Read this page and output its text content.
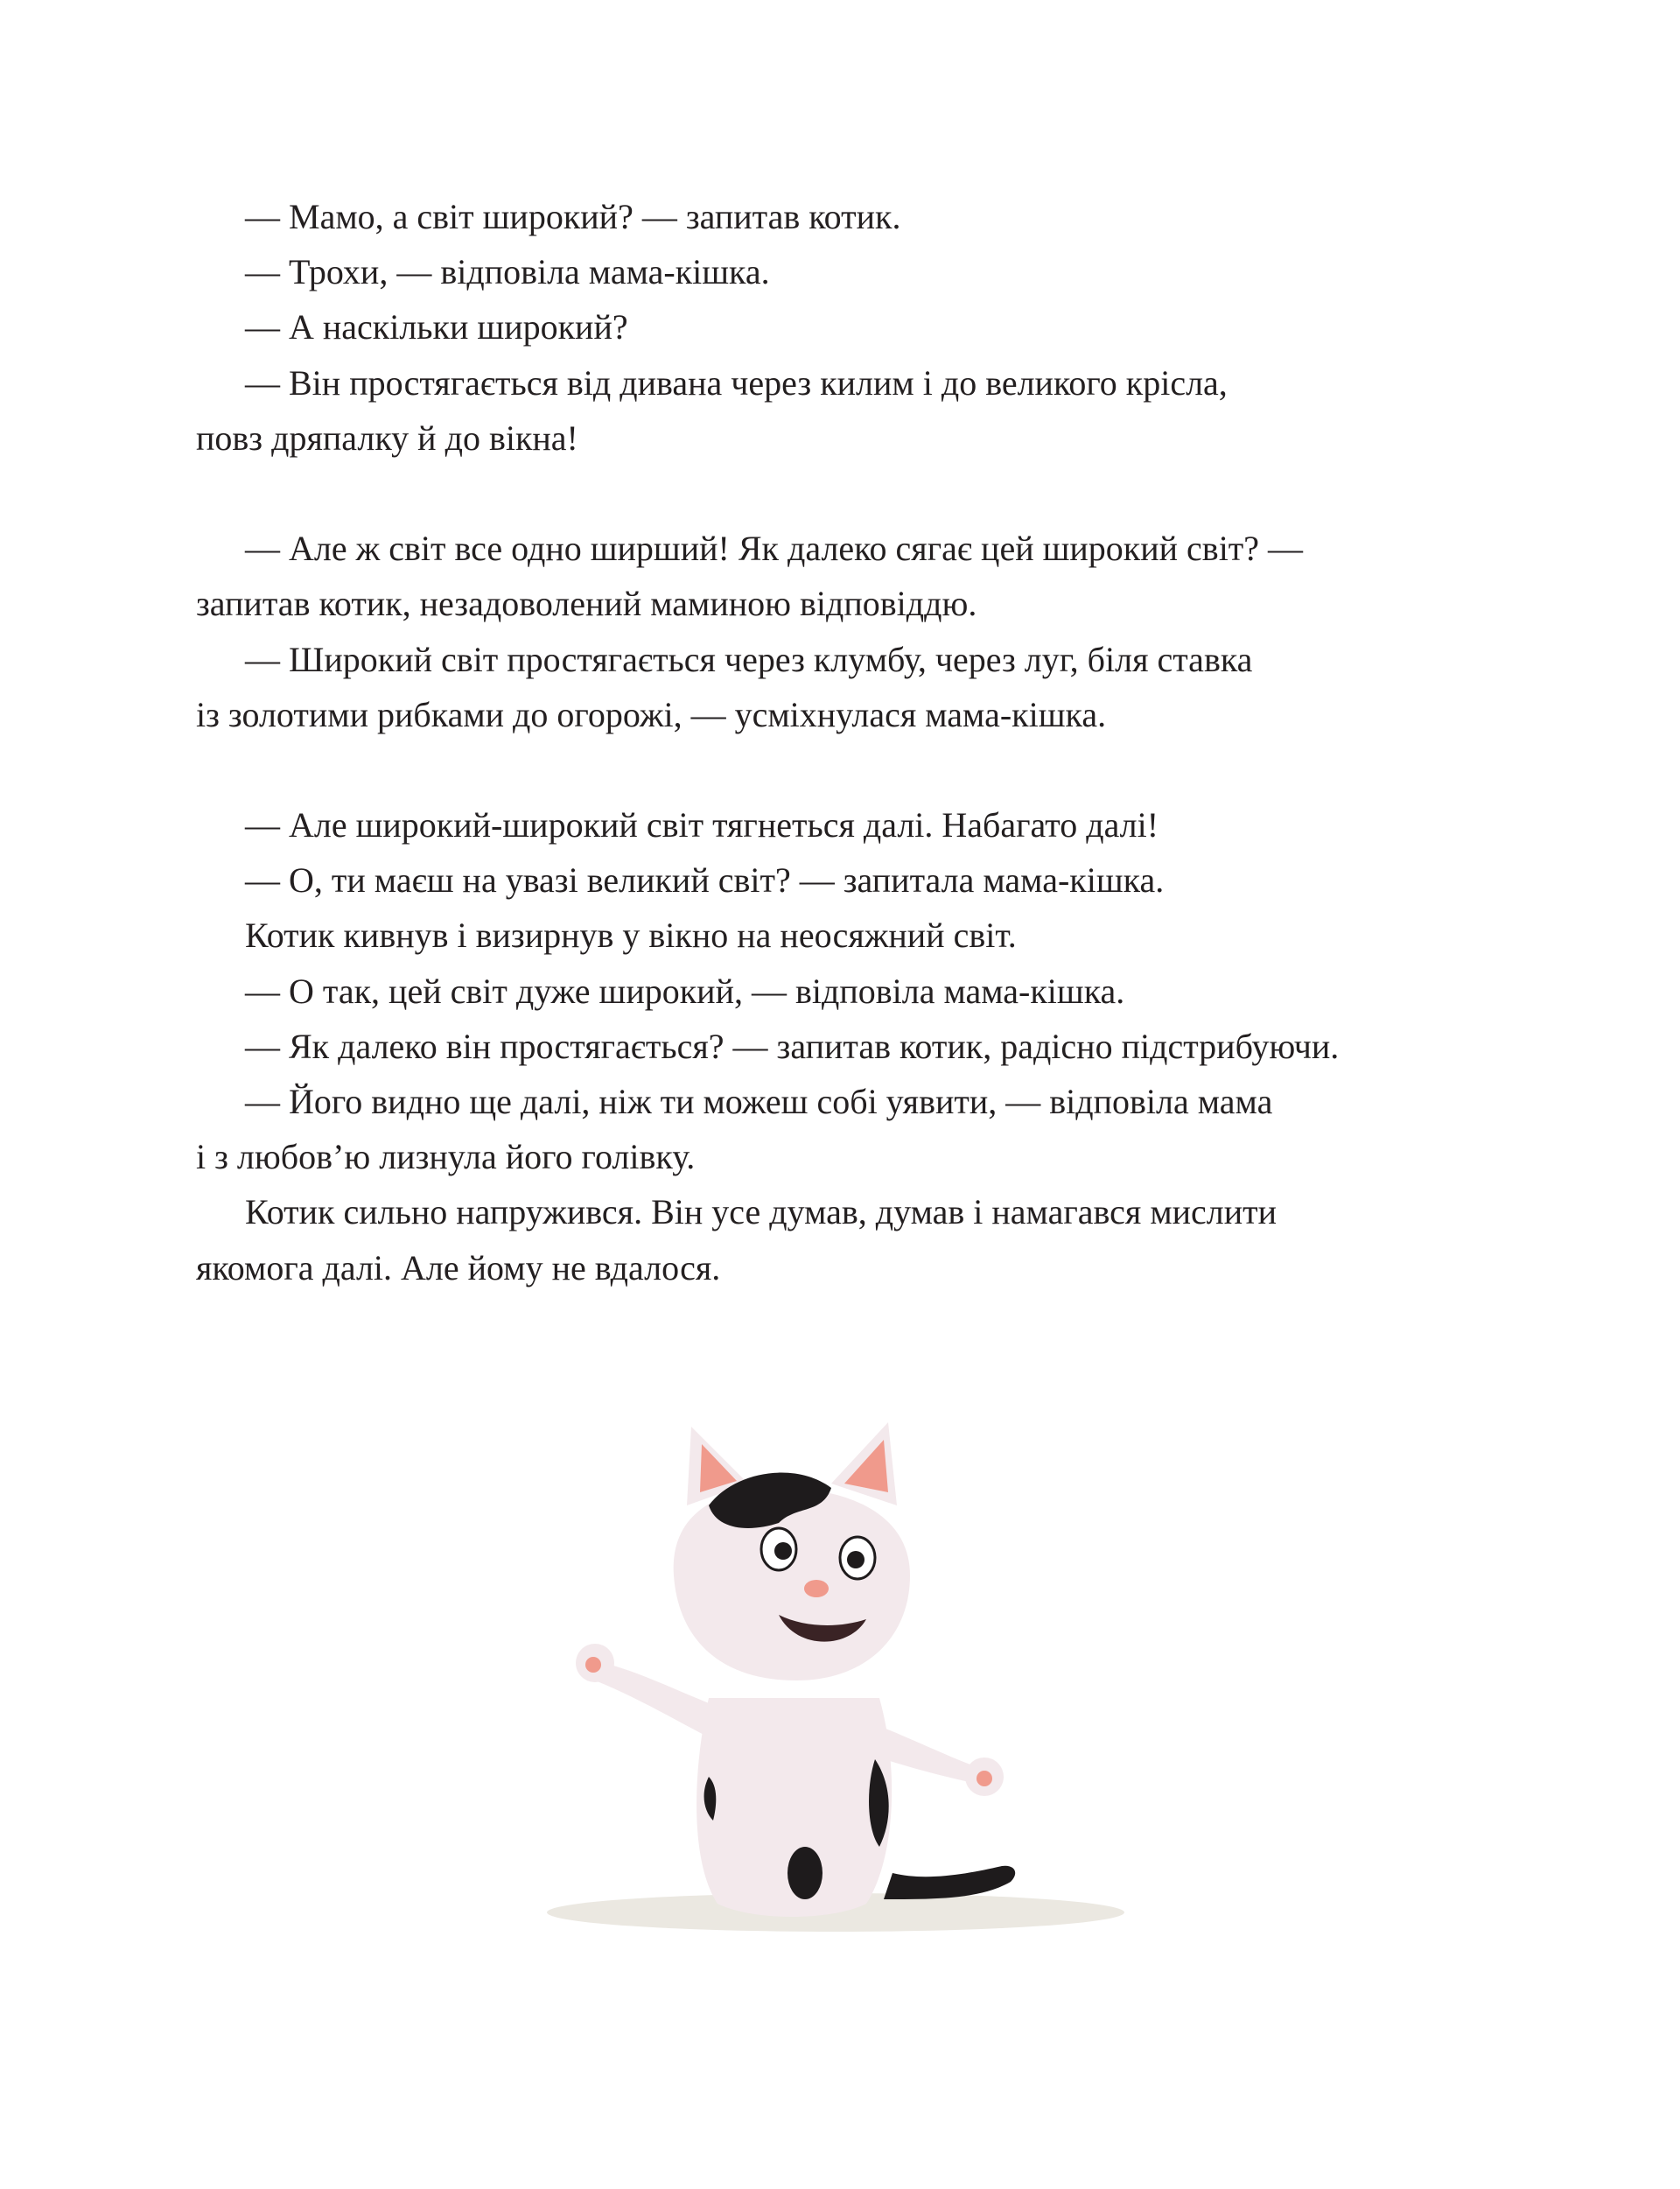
— Мамо, а світ широкий? — запитав котик.
— Трохи, — відповіла мама-кішка.
— А наскільки широкий?
— Він простягається від дивана через килим і до великого крісла,
повз дряпалку й до вікна!
— Але ж світ все одно ширший! Як далеко сягає цей широкий світ? —
запитав котик, незадоволений маминою відповіддю.
— Широкий світ простягається через клумбу, через луг, біля ставка
із золотими рибками до огорожі, — усміхнулася мама-кішка.
— Але широкий-широкий світ тягнеться далі. Набагато далі!
— О, ти маєш на увазі великий світ? — запитала мама-кішка.
Котик кивнув і визирнув у вікно на неосяжний світ.
— О так, цей світ дуже широкий, — відповіла мама-кішка.
— Як далеко він простягається? — запитав котик, радісно підстрибуючи.
— Його видно ще далі, ніж ти можеш собі уявити, — відповіла мама
і з любов’ю лизнула його голівку.
Котик сильно напружився. Він усе думав, думав і намагався мислити
якомога далі. Але йому не вдалося.
